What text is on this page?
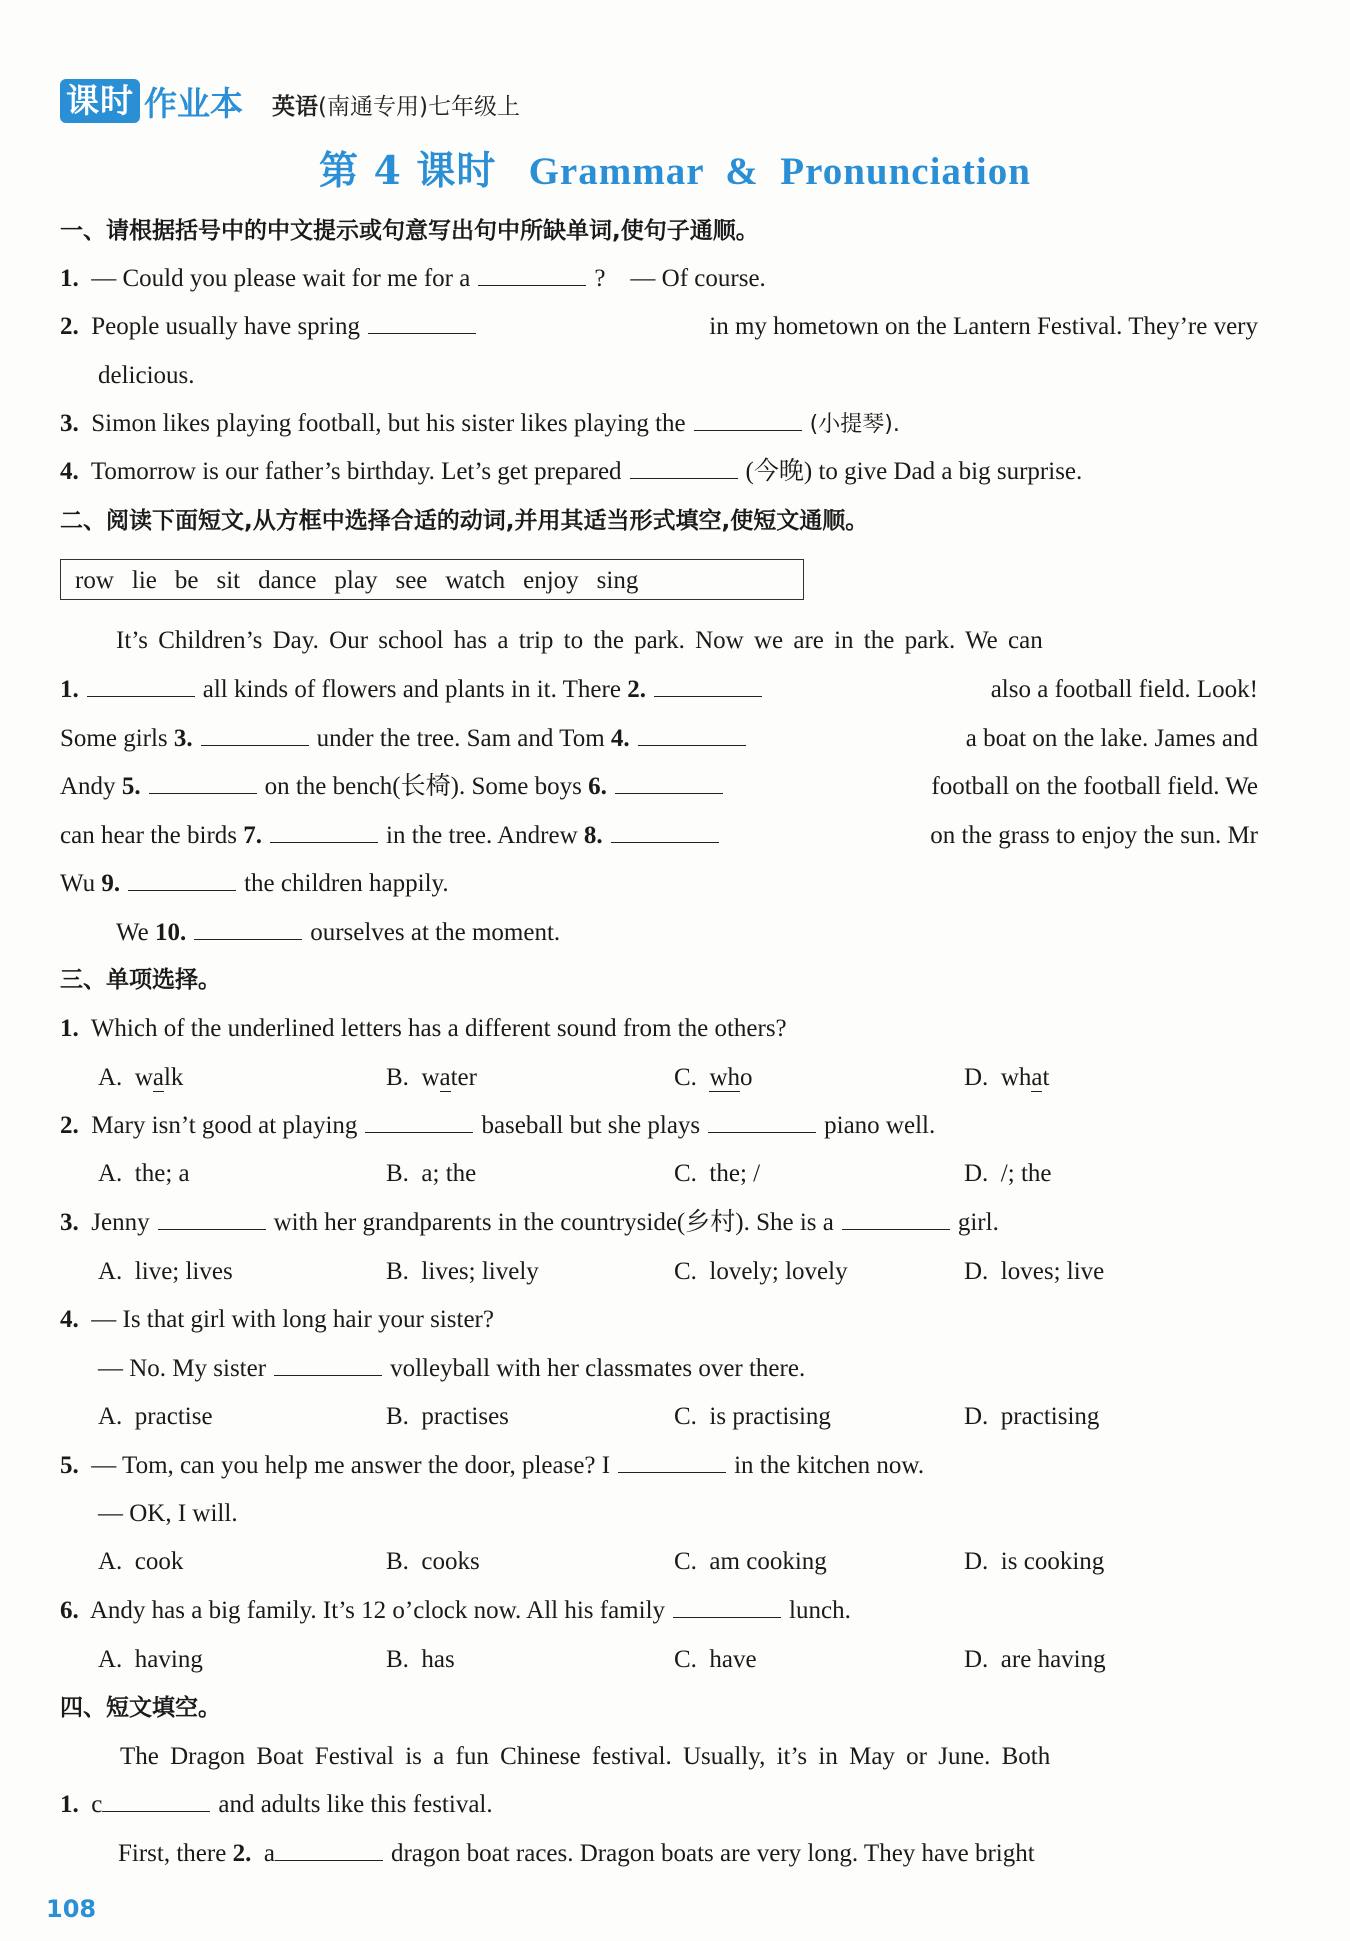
课时 作业本 英语(南通专用)七年级上
第 4 课时 Grammar  &  Pronunciation
一、请根据括号中的中文提示或句意写出句中所缺单词,使句子通顺。
1. — Could you please wait for me for a	?    — Of course.
2. People usually have spring	in my hometown on the Lantern Festival. They’re very
delicious.
3. Simon likes playing football, but his sister likes playing the	(小提琴).
4. Tomorrow is our father’s birthday. Let’s get prepared	(今晚) to give Dad a big surprise.
二、阅读下面短文,从方框中选择合适的动词,并用其适当形式填空,使短文通顺。
row lie be sit dance play see watch enjoy sing
It’s Children’s Day. Our school has a trip to the park. Now we are in the park. We can
1.	all kinds of flowers and plants in it. There 2.	also a football field. Look!
Some girls 3.	under the tree. Sam and Tom 4.	a boat on the lake. James and
Andy 5.	on the bench(长椅). Some boys 6.	football on the football field. We
can hear the birds 7.	in the tree. Andrew 8.	on the grass to enjoy the sun. Mr
Wu 9.	the children happily.
We 10.	ourselves at the moment.
三、单项选择。
1. Which of the underlined letters has a different sound from the others?
A. walk	B. water	C. who	D. what
2. Mary isn’t good at playing	baseball but she plays	piano well.
A.  the; a	B.  a; the	C.  the; /	D.  /; the
3. Jenny	with her grandparents in the countryside(乡村). She is a	girl.
A.  live; lives	B.  lives; lively	C.  lovely; lovely	D.  loves; live
4. — Is that girl with long hair your sister?
— No. My sister	volleyball with her classmates over there.
A.  practise	B.  practises	C.  is practising	D.  practising
5. — Tom, can you help me answer the door, please? I	in the kitchen now.
— OK, I will.
A.  cook	B.  cooks	C.  am cooking	D.  is cooking
6. Andy has a big family. It’s 12 o’clock now. All his family	lunch.
A.  having	B.  has	C.  have	D.  are having
四、短文填空。
The Dragon Boat Festival is a fun Chinese festival. Usually, it’s in May or June. Both
1. c	and adults like this festival.
First, there 2. a	dragon boat races. Dragon boats are very long. They have bright
108
